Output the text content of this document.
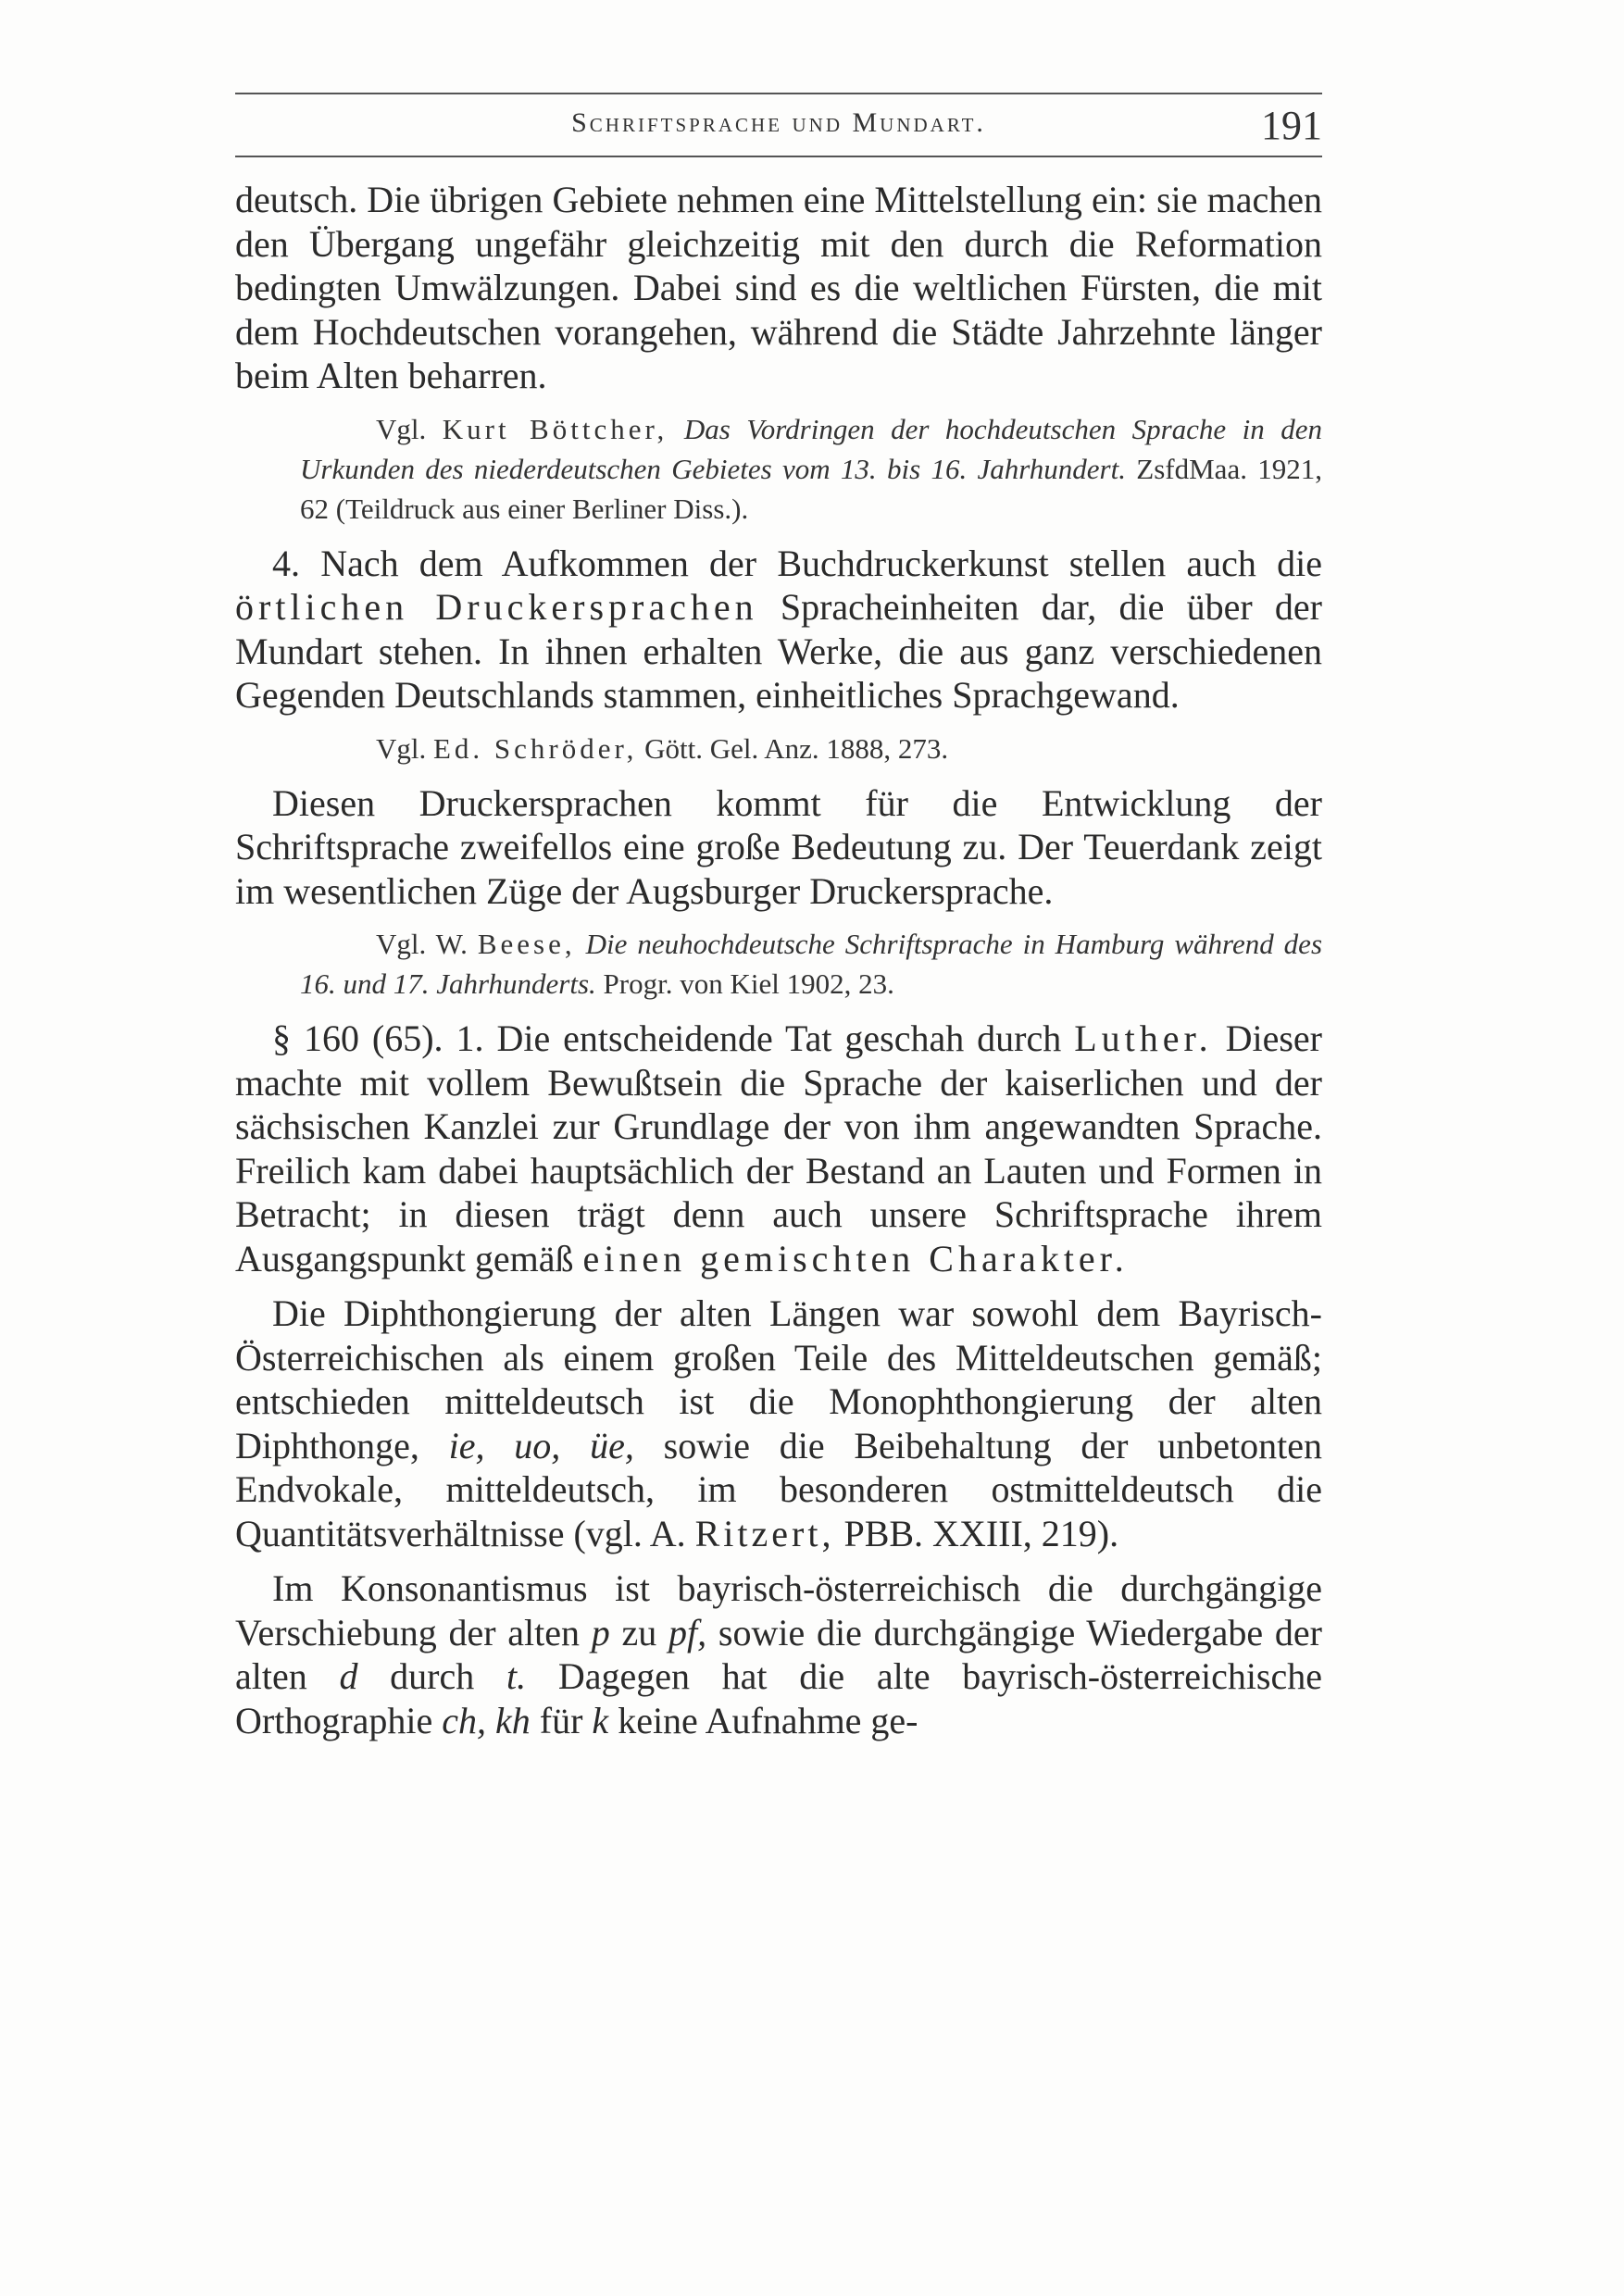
Schriftsprache und Mundart.	191

deutsch. Die übrigen Gebiete nehmen eine Mittelstellung ein: sie machen den Übergang ungefähr gleichzeitig mit den durch die Reformation bedingten Umwälzungen. Dabei sind es die weltlichen Fürsten, die mit dem Hochdeutschen vorangehen, während die Städte Jahrzehnte länger beim Alten beharren.

Vgl. Kurt Böttcher, Das Vordringen der hochdeutschen Sprache in den Urkunden des niederdeutschen Gebietes vom 13. bis 16. Jahrhundert. ZsfdMaa. 1921, 62 (Teildruck aus einer Berliner Diss.).

4. Nach dem Aufkommen der Buchdruckerkunst stellen auch die örtlichen Druckersprachen Spracheinheiten dar, die über der Mundart stehen. In ihnen erhalten Werke, die aus ganz verschiedenen Gegenden Deutschlands stammen, einheitliches Sprachgewand.

Vgl. Ed. Schröder, Gött. Gel. Anz. 1888, 273.

Diesen Druckersprachen kommt für die Entwicklung der Schriftsprache zweifellos eine große Bedeutung zu. Der Teuerdank zeigt im wesentlichen Züge der Augsburger Druckersprache.

Vgl. W. Beese, Die neuhochdeutsche Schriftsprache in Hamburg während des 16. und 17. Jahrhunderts. Progr. von Kiel 1902, 23.

§ 160 (65). 1. Die entscheidende Tat geschah durch Luther. Dieser machte mit vollem Bewußtsein die Sprache der kaiserlichen und der sächsischen Kanzlei zur Grundlage der von ihm angewandten Sprache. Freilich kam dabei hauptsächlich der Bestand an Lauten und Formen in Betracht; in diesen trägt denn auch unsere Schriftsprache ihrem Ausgangspunkt gemäß einen gemischten Charakter.

Die Diphthongierung der alten Längen war sowohl dem Bayrisch-Österreichischen als einem großen Teile des Mitteldeutschen gemäß; entschieden mitteldeutsch ist die Monophthongierung der alten Diphthonge, ie, uo, üe, sowie die Beibehaltung der unbetonten Endvokale, mitteldeutsch, im besonderen ostmitteldeutsch die Quantitätsverhältnisse (vgl. A. Ritzert, PBB. XXIII, 219).

Im Konsonantismus ist bayrisch-österreichisch die durchgängige Verschiebung der alten p zu pf, sowie die durchgängige Wiedergabe der alten d durch t. Dagegen hat die alte bayrisch-österreichische Orthographie ch, kh für k keine Aufnahme ge-
